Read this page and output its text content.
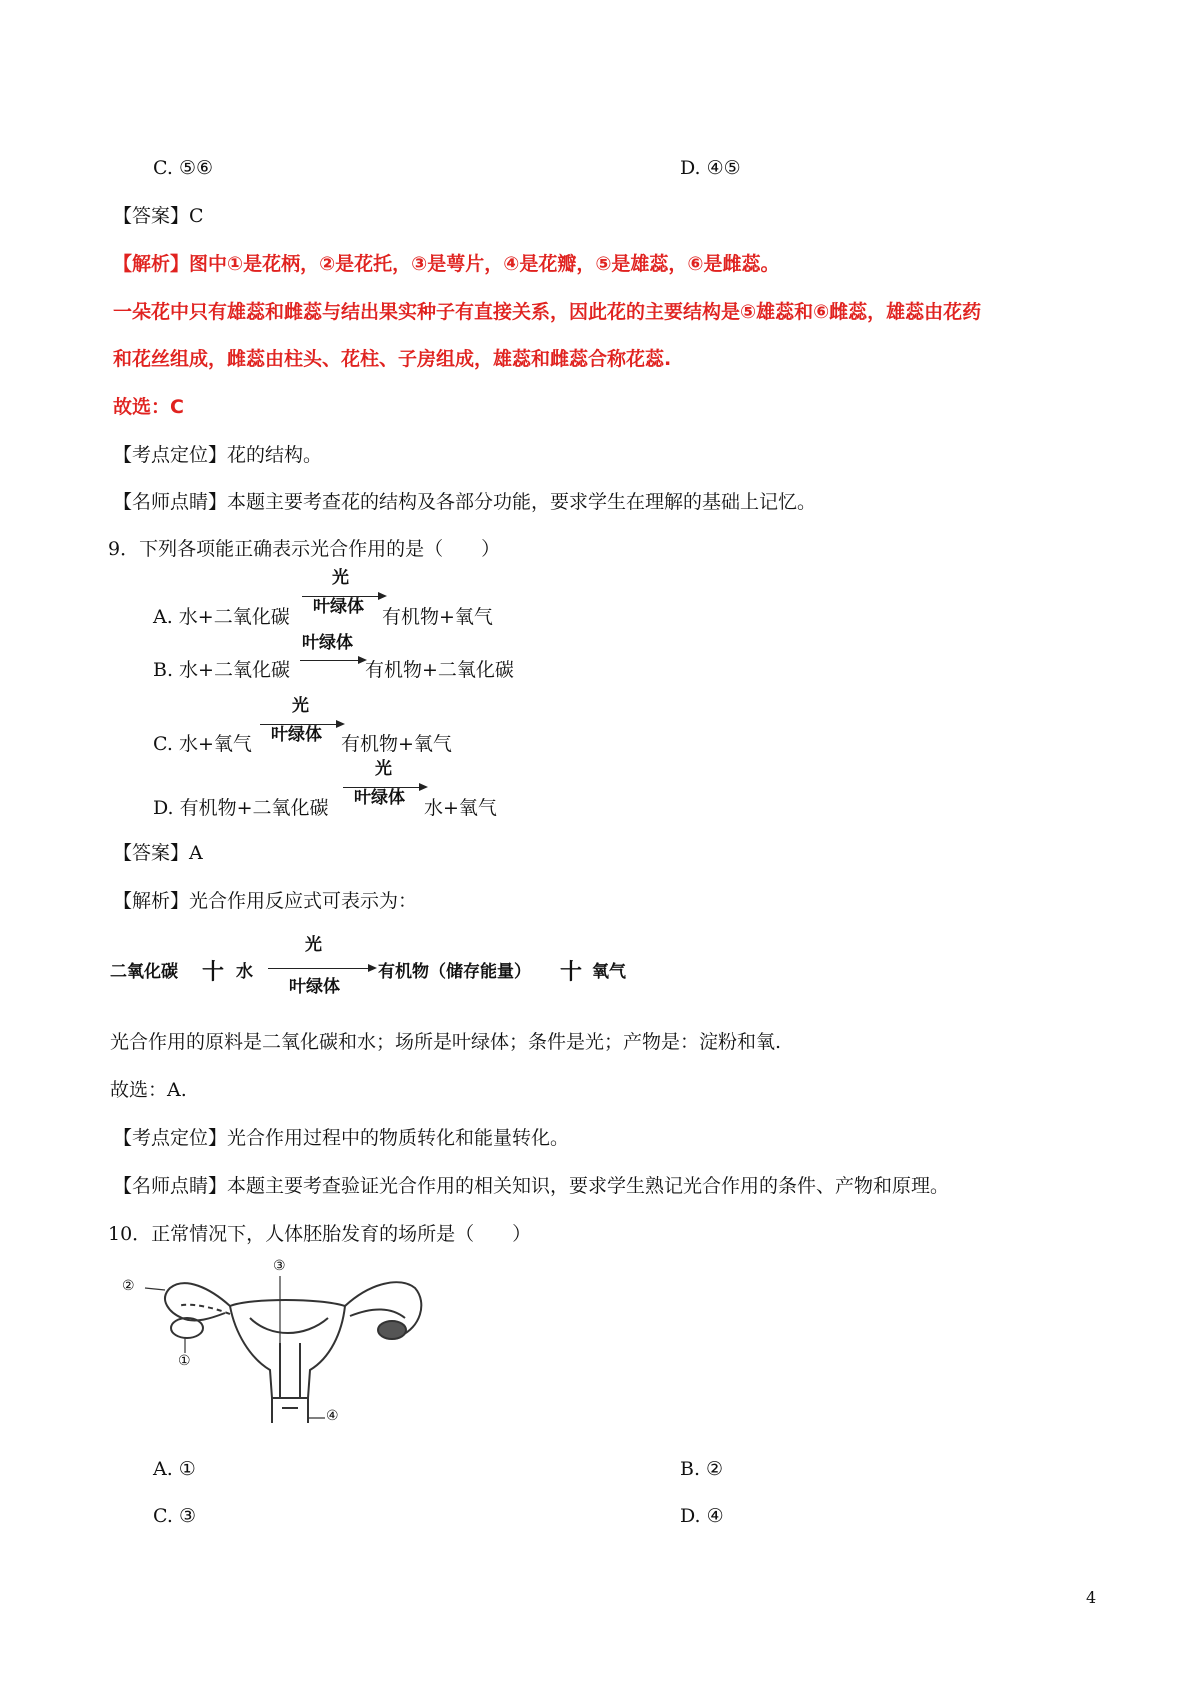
C. ⑤⑥	D. ④⑤
【答案】C
【解析】图中①是花柄，②是花托，③是萼片，④是花瓣，⑤是雄蕊，⑥是雌蕊。
一朵花中只有雄蕊和雌蕊与结出果实种子有直接关系，因此花的主要结构是⑤雄蕊和⑥雌蕊，雄蕊由花药
和花丝组成，雌蕊由柱头、花柱、子房组成，雄蕊和雌蕊合称花蕊.
故选：C
【考点定位】花的结构。
【名师点睛】本题主要考查花的结构及各部分功能，要求学生在理解的基础上记忆。
9．下列各项能正确表示光合作用的是（　　）
A. 水+二氧化碳
光
叶绿体 有机物+氧气
B. 水+二氧化碳
叶绿体
有机物+二氧化碳
C. 水+氧气
光
叶绿体 有机物+氧气
D. 有机物+二氧化碳
光
叶绿体 水+氧气
【答案】A
【解析】光合作用反应式可表示为：
二氧化碳 十 水
光
叶绿体
有机物（储存能量） 十 氧气
光合作用的原料是二氧化碳和水；场所是叶绿体；条件是光；产物是：淀粉和氧.
故选：A.
【考点定位】光合作用过程中的物质转化和能量转化。
【名师点睛】本题主要考查验证光合作用的相关知识，要求学生熟记光合作用的条件、产物和原理。
10．正常情况下，人体胚胎发育的场所是（　　）
②
①
③
④
A. ①	B. ②
C. ③	D. ④
4
